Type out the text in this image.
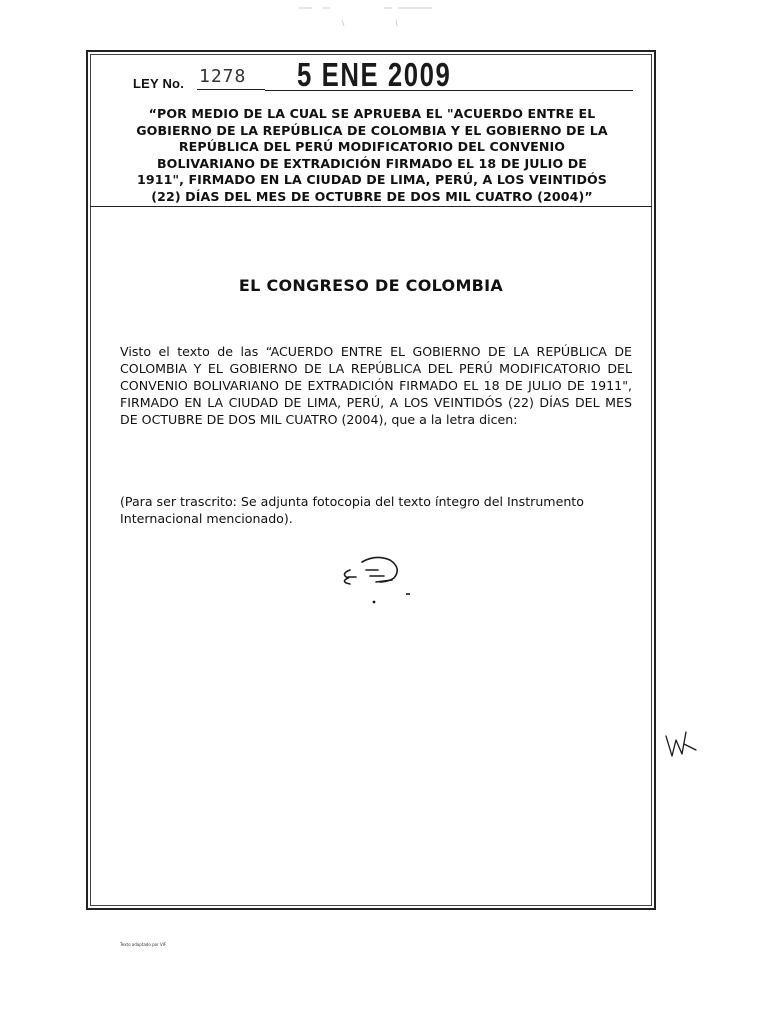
LEY No. 1278 5 ENE 2009
“POR MEDIO DE LA CUAL SE APRUEBA EL "ACUERDO ENTRE EL
GOBIERNO DE LA REPÚBLICA DE COLOMBIA Y EL GOBIERNO DE LA
REPÚBLICA DEL PERÚ MODIFICATORIO DEL CONVENIO
BOLIVARIANO DE EXTRADICIÓN FIRMADO EL 18 DE JULIO DE
1911", FIRMADO EN LA CIUDAD DE LIMA, PERÚ, A LOS VEINTIDÓS
(22) DÍAS DEL MES DE OCTUBRE DE DOS MIL CUATRO (2004)”
EL CONGRESO DE COLOMBIA
Visto el texto de las “ACUERDO ENTRE EL GOBIERNO DE LA REPÚBLICA DE COLOMBIA Y EL GOBIERNO DE LA REPÚBLICA DEL PERÚ MODIFICATORIO DEL CONVENIO BOLIVARIANO DE EXTRADICIÓN FIRMADO EL 18 DE JULIO DE 1911", FIRMADO EN LA CIUDAD DE LIMA, PERÚ, A LOS VEINTIDÓS (22) DÍAS DEL MES DE OCTUBRE DE DOS MIL CUATRO (2004), que a la letra dicen:
(Para ser trascrito: Se adjunta fotocopia del texto íntegro del Instrumento Internacional mencionado).
Texto adaptado por VIF
